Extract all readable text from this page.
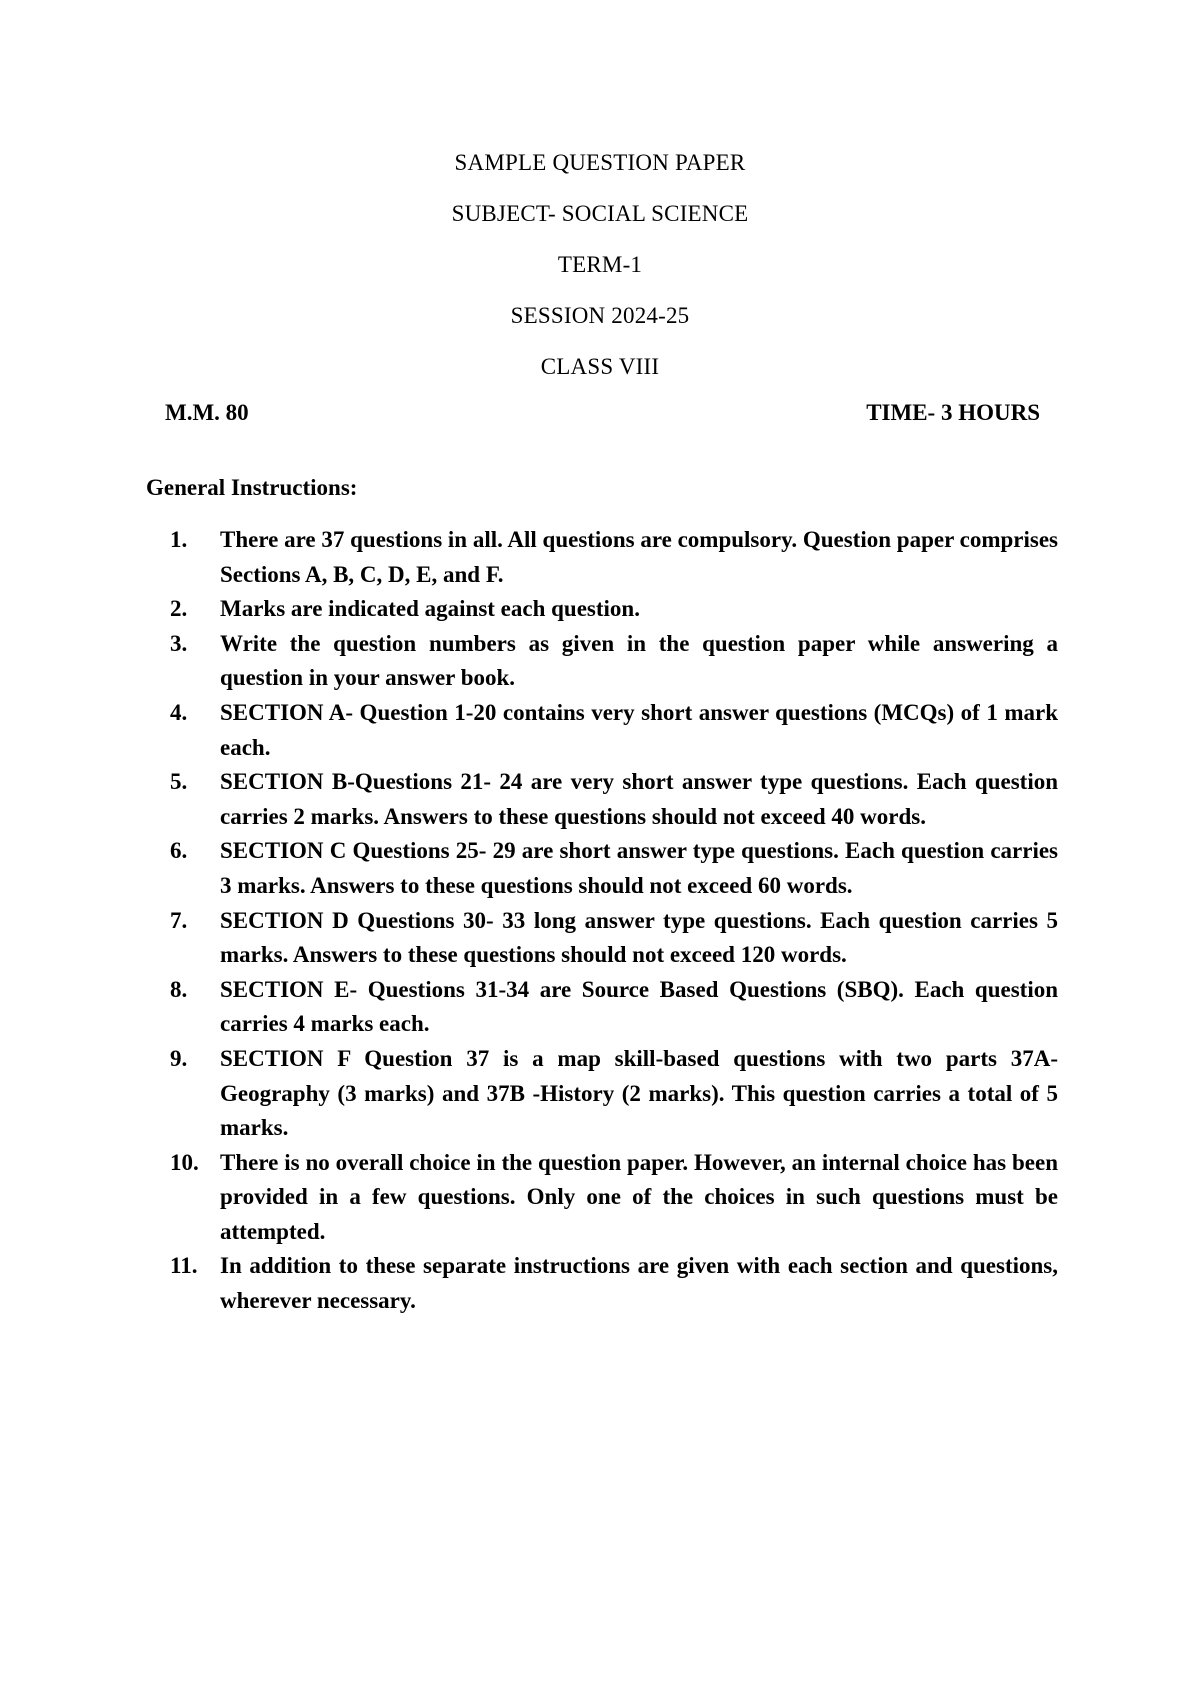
SAMPLE QUESTION PAPER
SUBJECT- SOCIAL SCIENCE
TERM-1
SESSION 2024-25
CLASS VIII
M.M. 80	TIME- 3 HOURS
General Instructions:
1. There are 37 questions in all. All questions are compulsory. Question paper comprises Sections A, B, C, D, E, and F.
2. Marks are indicated against each question.
3. Write the question numbers as given in the question paper while answering a question in your answer book.
4. SECTION A- Question 1-20 contains very short answer questions (MCQs) of 1 mark each.
5. SECTION B-Questions 21- 24 are very short answer type questions. Each question carries 2 marks. Answers to these questions should not exceed 40 words.
6. SECTION C Questions 25- 29 are short answer type questions. Each question carries 3 marks. Answers to these questions should not exceed 60 words.
7. SECTION D Questions 30- 33 long answer type questions. Each question carries 5 marks. Answers to these questions should not exceed 120 words.
8. SECTION E- Questions 31-34 are Source Based Questions (SBQ). Each question carries 4 marks each.
9. SECTION F Question 37 is a map skill-based questions with two parts 37A-Geography (3 marks) and 37B -History (2 marks). This question carries a total of 5 marks.
10. There is no overall choice in the question paper. However, an internal choice has been provided in a few questions. Only one of the choices in such questions must be attempted.
11. In addition to these separate instructions are given with each section and questions, wherever necessary.
